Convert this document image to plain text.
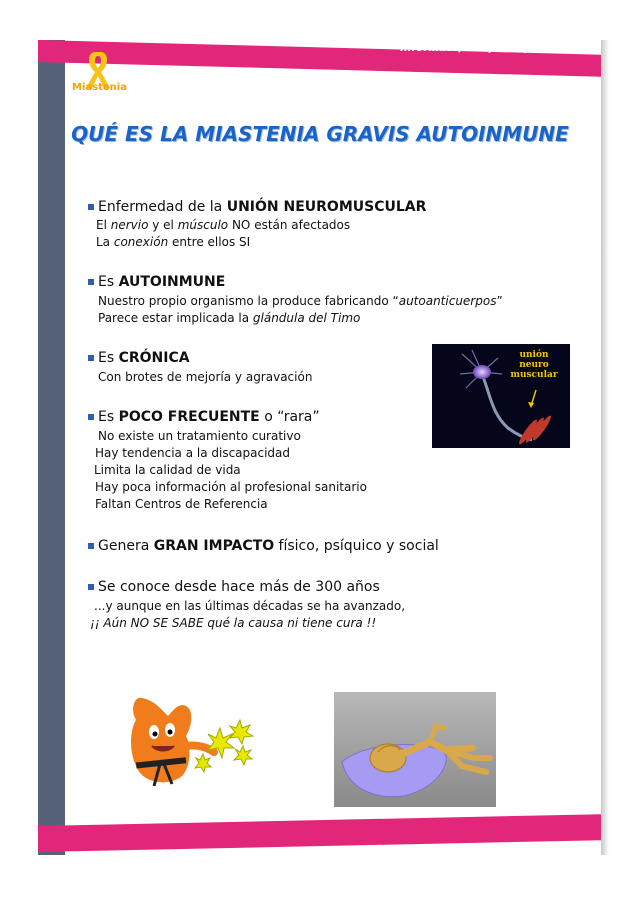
Infórmate, Adáptate y Contrólala
Miastenia
QUÉ ES LA MIASTENIA GRAVIS AUTOINMUNE
Enfermedad de la UNIÓN NEUROMUSCULAR
El nervio y el músculo NO están afectados
La conexión entre ellos SI
Es AUTOINMUNE
Nuestro propio organismo la produce fabricando “autoanticuerpos”
Parece estar implicada la glándula del Timo
Es CRÓNICA
Con brotes de mejoría y agravación
Es POCO FRECUENTE o “rara”
No existe un tratamiento curativo
Hay tendencia a la discapacidad
Limita la calidad de vida
Hay poca información al profesional sanitario
Faltan Centros de Referencia
Genera GRAN IMPACTO físico, psíquico y social
Se conoce desde hace más de 300 años
...y aunque en las últimas décadas se ha avanzado,
¡¡ Aún NO SE SABE qué la causa ni tiene cura !!
unión
neuro
muscular
